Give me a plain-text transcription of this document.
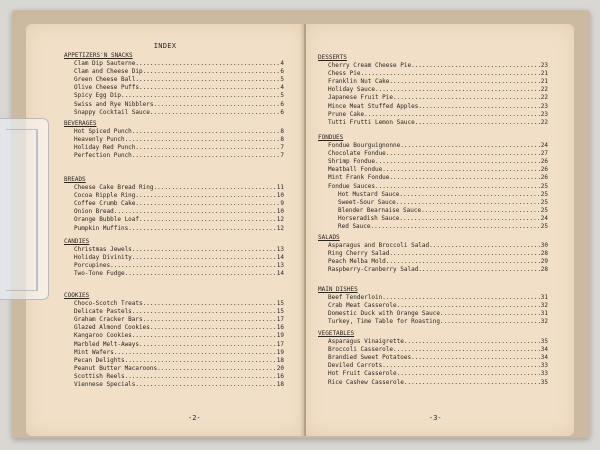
INDEX
-2-
APPETIZERS'N SNACKS
Clam Dip Sauterne .....	4
Clam and Cheese Dip .....	6
Green Cheese Ball .....	5
Olive Cheese Puffs .....	4
Spicy Egg Dip .....	5
Swiss and Rye Nibblers .....	6
Snappy Cocktail Sauce .....	6
BEVERAGES
Hot Spiced Punch .....	8
Heavenly Punch .....	8
Holiday Red Punch .....	7
Perfection Punch .....	7
BREADS
Cheese Cake Bread Ring .....	11
Cocoa Ripple Ring .....	10
Coffee Crumb Cake .....	9
Onion Bread .....	10
Orange Bubble Loaf .....	12
Pumpkin Muffins .....	12
CANDIES
Christmas Jewels .....	13
Holiday Divinity .....	14
Porcupines .....	13
Two-Tone Fudge .....	14
COOKIES
Choco-Scotch Treats .....	15
Delicate Pastels .....	15
Graham Cracker Bars .....	17
Glazed Almond Cookies .....	16
Kangaroo Cookies .....	19
Marbled Melt-Aways .....	17
Mint Wafers .....	19
Pecan Delights .....	18
Peanut Butter Macaroons .....	20
Scottish Reels .....	16
Viennese Specials .....	18
-3-
DESSERTS
Cherry Cream Cheese Pie .....	23
Chess Pie .....	21
Franklin Nut Cake .....	21
Holiday Sauce .....	22
Japanese Fruit Pie .....	22
Mince Meat Stuffed Apples .....	23
Prune Cake .....	23
Tutti Frutti Lemon Sauce .....	22
FONDUES
Fondue Bourguignonne .....	24
Chocolate Fondue .....	27
Shrimp Fondue .....	26
Meatball Fondue .....	26
Mint Frank Fondue .....	26
Fondue Sauces .....	25
Hot Mustard Sauce .....	25
Sweet-Sour Sauce .....	25
Blender Bearnaise Sauce .....	25
Horseradish Sauce .....	24
Red Sauce .....	25
SALADS
Asparagus and Broccoli Salad .....	30
Ring Cherry Salad .....	28
Peach Melba Mold .....	29
Raspberry-Cranberry Salad .....	28
MAIN DISHES
Beef Tenderloin .....	31
Crab Meat Casserole .....	32
Domestic Duck with Orange Sauce .....	31
Turkey, Time Table for Roasting .....	32
VEGETABLES
Asparagus Vinaigrette .....	35
Broccoli Casserole .....	34
Brandied Sweet Potatoes .....	34
Deviled Carrots .....	33
Hot Fruit Casserole .....	33
Rice Cashew Casserole .....	35
